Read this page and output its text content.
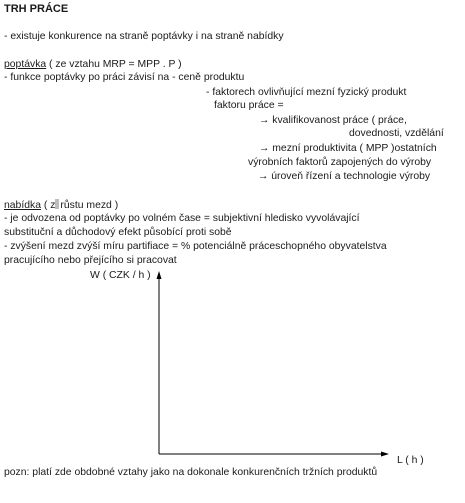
TRH PRÁCE
- existuje konkurence na straně poptávky i na straně nabídky
poptávka ( ze vztahu MRP = MPP . P )
- funkce poptávky po práci závisí na - ceně produktu
- faktorech ovlivňující mezní fyzický produkt
faktoru práce =
→ kvalifikovanost práce ( práce,
dovednosti, vzdělání
→ mezní produktivita ( MPP )ostatních
výrobních faktorů zapojených do výroby
→ úroveň řízení a technologie výroby
nabídka ( z růstu mezd )
- je odvozena od poptávky po volném čase = subjektivní hledisko vyvolávající
substituční a důchodový efekt působící proti sobě
- zvýšení mezd zvýší míru partifiace = % potenciálně práceschopného obyvatelstva
pracujícího nebo přejícího si pracovat
W ( CZK / h )
L ( h )
pozn: platí zde obdobné vztahy jako na dokonale konkurenčních tržních produktů
